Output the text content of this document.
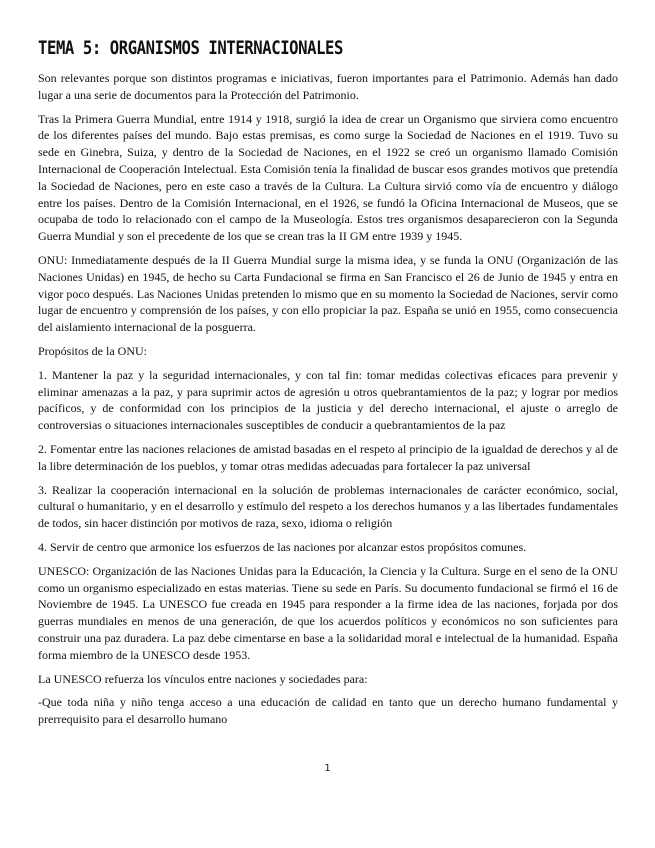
TEMA 5: ORGANISMOS INTERNACIONALES

Son relevantes porque son distintos programas e iniciativas, fueron importantes para el Patrimonio. Además han dado lugar a una serie de documentos para la Protección del Patrimonio.

Tras la Primera Guerra Mundial, entre 1914 y 1918, surgió la idea de crear un Organismo que sirviera como encuentro de los diferentes países del mundo. Bajo estas premisas, es como surge la Sociedad de Naciones en el 1919. Tuvo su sede en Ginebra, Suiza, y dentro de la Sociedad de Naciones, en el 1922 se creó un organismo llamado Comisión Internacional de Cooperación Intelectual. Esta Comisión tenía la finalidad de buscar esos grandes motivos que pretendía la Sociedad de Naciones, pero en este caso a través de la Cultura. La Cultura sirvió como vía de encuentro y diálogo entre los países. Dentro de la Comisión Internacional, en el 1926, se fundó la Oficina Internacional de Museos, que se ocupaba de todo lo relacionado con el campo de la Museología. Estos tres organismos desaparecieron con la Segunda Guerra Mundial y son el precedente de los que se crean tras la II GM entre 1939 y 1945.

ONU: Inmediatamente después de la II Guerra Mundial surge la misma idea, y se funda la ONU (Organización de las Naciones Unidas) en 1945, de hecho su Carta Fundacional se firma en San Francisco el 26 de Junio de 1945 y entra en vigor poco después. Las Naciones Unidas pretenden lo mismo que en su momento la Sociedad de Naciones, servir como lugar de encuentro y comprensión de los países, y con ello propiciar la paz. España se unió en 1955, como consecuencia del aislamiento internacional de la posguerra.

Propósitos de la ONU:

1. Mantener la paz y la seguridad internacionales, y con tal fin: tomar medidas colectivas eficaces para prevenir y eliminar amenazas a la paz, y para suprimir actos de agresión u otros quebrantamientos de la paz; y lograr por medios pacíficos, y de conformidad con los principios de la justicia y del derecho internacional, el ajuste o arreglo de controversias o situaciones internacionales susceptibles de conducir a quebrantamientos de la paz

2. Fomentar entre las naciones relaciones de amistad basadas en el respeto al principio de la igualdad de derechos y al de la libre determinación de los pueblos, y tomar otras medidas adecuadas para fortalecer la paz universal

3. Realizar la cooperación internacional en la solución de problemas internacionales de carácter económico, social, cultural o humanitario, y en el desarrollo y estímulo del respeto a los derechos humanos y a las libertades fundamentales de todos, sin hacer distinción por motivos de raza, sexo, idioma o religión

4. Servir de centro que armonice los esfuerzos de las naciones por alcanzar estos propósitos comunes.

UNESCO: Organización de las Naciones Unidas para la Educación, la Ciencia y la Cultura. Surge en el seno de la ONU como un organismo especializado en estas materias. Tiene su sede en París. Su documento fundacional se firmó el 16 de Noviembre de 1945. La UNESCO fue creada en 1945 para responder a la firme idea de las naciones, forjada por dos guerras mundiales en menos de una generación, de que los acuerdos políticos y económicos no son suficientes para construir una paz duradera. La paz debe cimentarse en base a la solidaridad moral e intelectual de la humanidad. España forma miembro de la UNESCO desde 1953.

La UNESCO refuerza los vínculos entre naciones y sociedades para:

-Que toda niña y niño tenga acceso a una educación de calidad en tanto que un derecho humano fundamental y prerrequisito para el desarrollo humano

1
